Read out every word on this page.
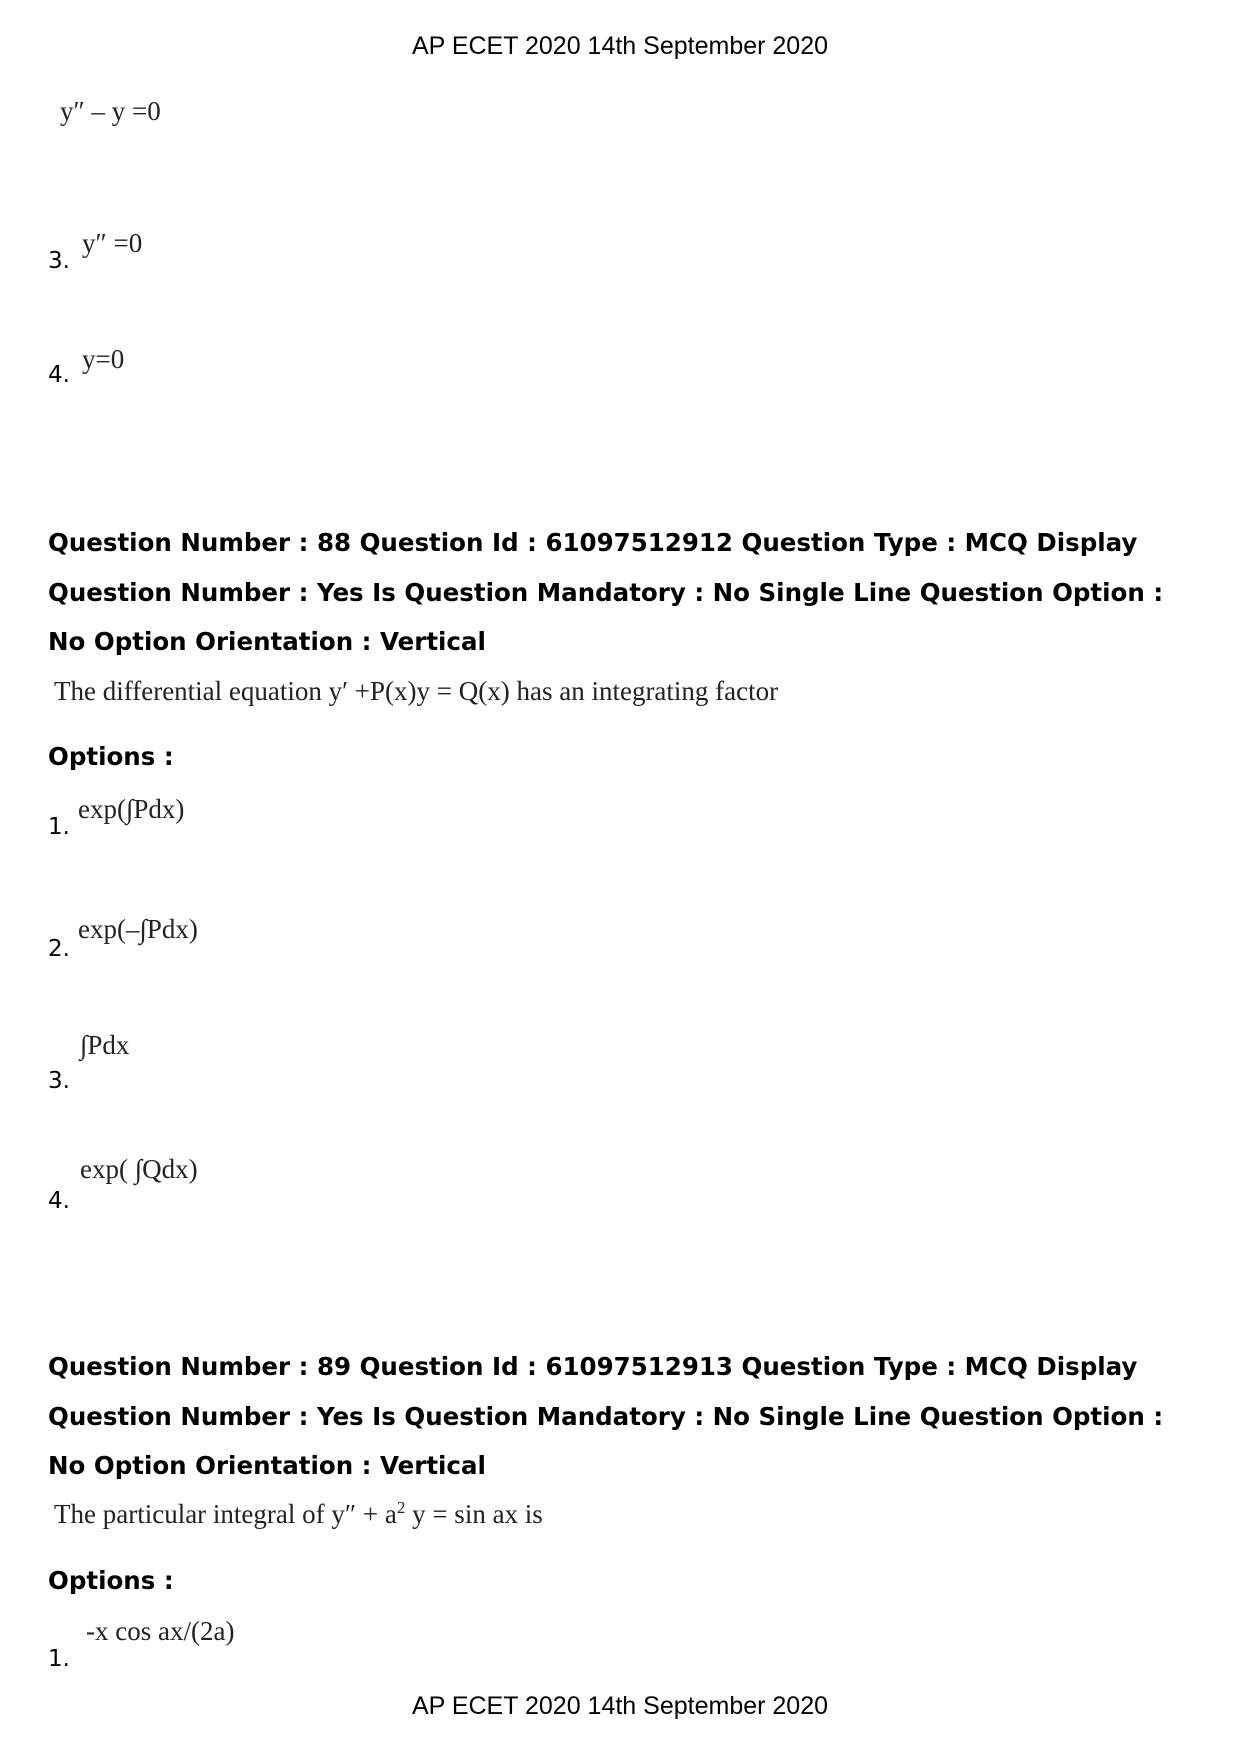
AP ECET 2020 14th September 2020
y″ – y =0
3.
y″ =0
4.
y=0
Question Number : 88 Question Id : 61097512912 Question Type : MCQ Display Question Number : Yes Is Question Mandatory : No Single Line Question Option : No Option Orientation : Vertical
The differential equation y′ +P(x)y = Q(x) has an integrating factor
Options :
1.
exp(∫Pdx)
2.
exp(–∫Pdx)
3.
∫Pdx
4.
exp( ∫Qdx)
Question Number : 89 Question Id : 61097512913 Question Type : MCQ Display Question Number : Yes Is Question Mandatory : No Single Line Question Option : No Option Orientation : Vertical
The particular integral of $y'' + a^2$ y = sin ax is
Options :
1.
-x cos ax/(2a)
AP ECET 2020 14th September 2020
